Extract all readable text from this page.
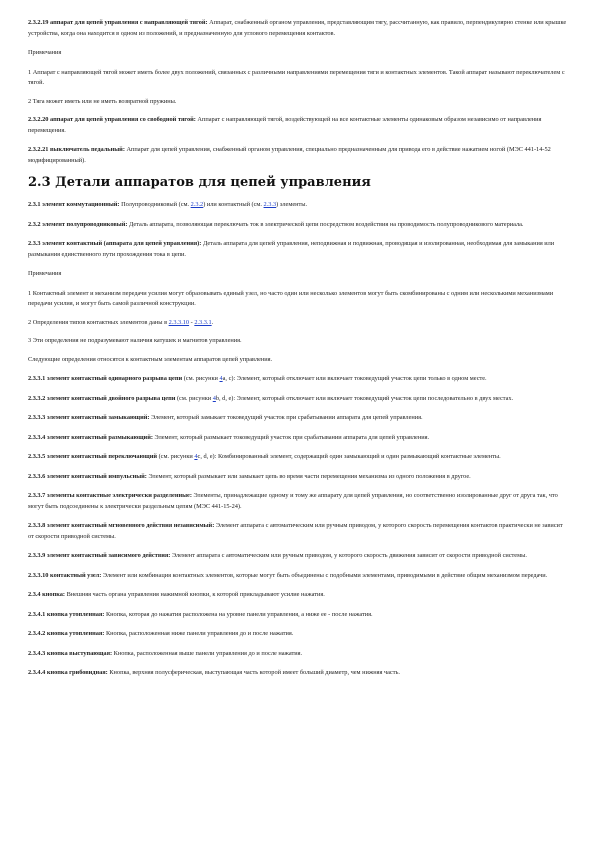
2.3.2.19 аппарат для цепей управления с направляющей тягой: Аппарат, снабженный органом управления, представляющим тягу, рассчитанную, как правило, перпендикулярно стенке или крышке устройства, когда она находится в одном из положений, и предназначенную для углового перемещения контактов.

Примечания

1 Аппарат с направляющей тягой может иметь более двух положений, связанных с различными направлениями перемещения тяги и контактных элементов. Такой аппарат называют переключателем с тягой.

2 Тяга может иметь или не иметь возвратной пружины.

2.3.2.20 аппарат для цепей управления со свободной тягой: Аппарат с направляющей тягой, воздействующей на все контактные элементы одинаковым образом независимо от направления перемещения.

2.3.2.21 выключатель педальный: Аппарат для цепей управления, снабженный органом управления, специально предназначенным для привода его в действие нажатием ногой (МЭС 441-14-52 модифицированный).

2.3 Детали аппаратов для цепей управления

2.3.1 элемент коммутационный: Полупроводниковый (см. 2.3.2) или контактный (см. 2.3.3) элементы.

2.3.2 элемент полупроводниковый: Деталь аппарата, позволяющая переключать ток в электрической цепи посредством воздействия на проводимость полупроводникового материала.

2.3.3 элемент контактный (аппарата для цепей управления): Деталь аппарата для цепей управления, неподвижная и подвижная, проводящая и изолированная, необходимая для замыкания или размыкания единственного пути прохождения тока в цепи.

Примечания

1 Контактный элемент и механизм передачи усилия могут образовывать единый узел, но часто один или несколько элементов могут быть скомбинированы с одним или несколькими механизмами передачи усилия, и могут быть самой различной конструкции.

2 Определения типов контактных элементов даны в 2.3.3.10 - 2.3.3.1.

3 Эти определения не подразумевают наличия катушек и магнитов управления.

Следующие определения относятся к контактным элементам аппаратов цепей управления.

2.3.3.1 элемент контактный одинарного разрыва цепи (см. рисунки 4a, c): Элемент, который отключает или включает токоведущий участок цепи только в одном месте.

2.3.3.2 элемент контактный двойного разрыва цепи (см. рисунки 4b, d, e): Элемент, который отключает или включает токоведущий участок цепи последовательно в двух местах.

2.3.3.3 элемент контактный замыкающий: Элемент, который замыкает токоведущий участок при срабатывании аппарата для цепей управления.

2.3.3.4 элемент контактный размыкающий: Элемент, который размыкает токоведущий участок при срабатывании аппарата для цепей управления.

2.3.3.5 элемент контактный переключающий (см. рисунки 4c, d, e): Комбинированный элемент, содержащий один замыкающий и один размыкающий контактные элементы.

2.3.3.6 элемент контактный импульсный: Элемент, который размыкает или замыкает цепь во время части перемещения механизма из одного положения в другое.

2.3.3.7 элементы контактные электрически разделенные: Элементы, принадлежащие одному и тому же аппарату для цепей управления, но соответственно изолированные друг от друга так, что могут быть подсоединены к электрически раздельным цепям (МЭС 441-15-24).

2.3.3.8 элемент контактный мгновенного действия независимый: Элемент аппарата с автоматическим или ручным приводом, у которого скорость перемещения контактов практически не зависит от скорости приводной системы.

2.3.3.9 элемент контактный зависимого действия: Элемент аппарата с автоматическим или ручным приводом, у которого скорость движения зависит от скорости приводной системы.

2.3.3.10 контактный узел: Элемент или комбинация контактных элементов, которые могут быть объединены с подобными элементами, приводимыми в действие общим механизмом передачи.

2.3.4 кнопка: Внешняя часть органа управления нажимной кнопки, к которой прикладывают усилие нажатия.

2.3.4.1 кнопка утопленная: Кнопка, которая до нажатия расположена на уровне панели управления, а ниже ее - после нажатия.

2.3.4.2 кнопка утопленная: Кнопка, расположенная ниже панели управления до и после нажатия.

2.3.4.3 кнопка выступающая: Кнопка, расположенная выше панели управления до и после нажатия.

2.3.4.4 кнопка грибовидная: Кнопка, верхняя полусферическая, выступающая часть которой имеет больший диаметр, чем нижняя часть.
